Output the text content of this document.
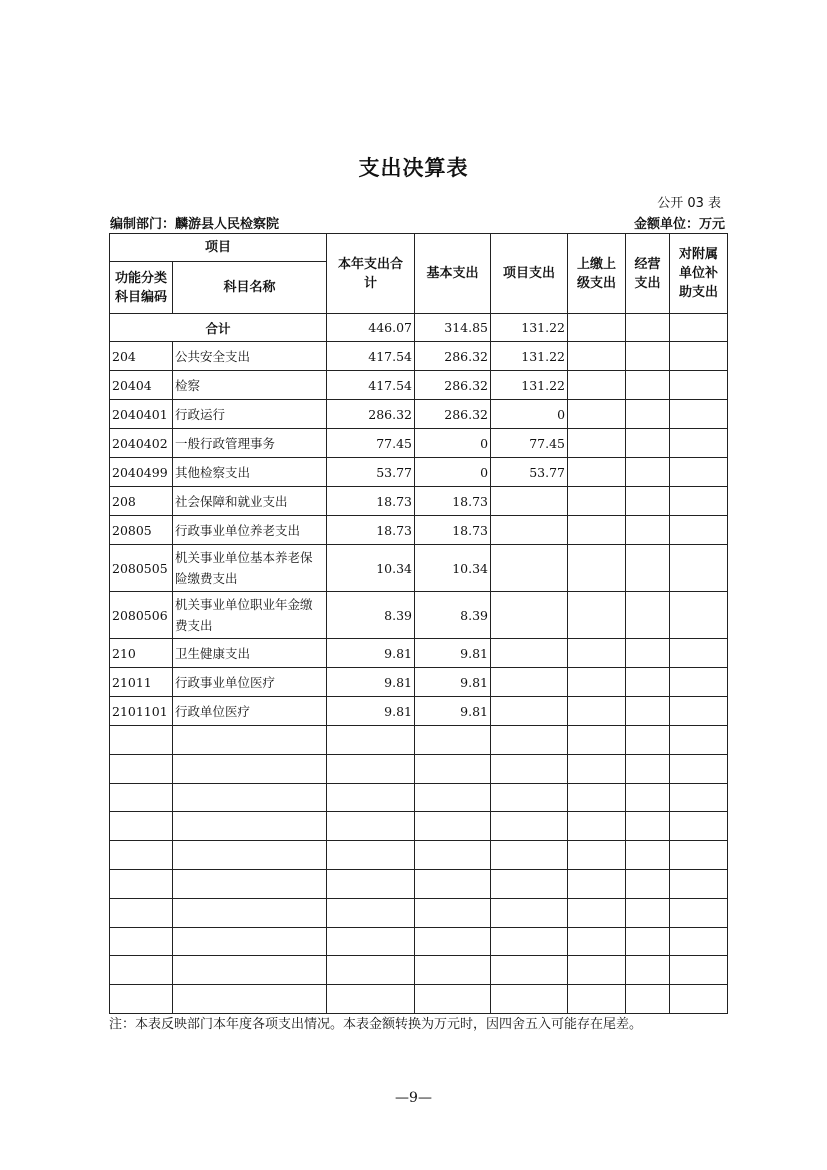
支出决算表
公开 03 表
编制部门：麟游县人民检察院	金额单位：万元
项目		本年支出合计	基本支出	项目支出	上缴上级支出	经营支出	对附属单位补助支出
功能分类科目编码	科目名称						
合计		446.07	314.85	131.22			
204	公共安全支出	417.54	286.32	131.22			
20404	检察	417.54	286.32	131.22			
2040401	行政运行	286.32	286.32	0			
2040402	一般行政管理事务	77.45	0	77.45			
2040499	其他检察支出	53.77	0	53.77			
208	社会保障和就业支出	18.73	18.73				
20805	行政事业单位养老支出	18.73	18.73				
2080505	机关事业单位基本养老保险缴费支出	10.34	10.34				
2080506	机关事业单位职业年金缴费支出	8.39	8.39				
210	卫生健康支出	9.81	9.81				
21011	行政事业单位医疗	9.81	9.81				
2101101	行政单位医疗	9.81	9.81				

注：本表反映部门本年度各项支出情况。本表金额转换为万元时，因四舍五入可能存在尾差。
—9—
